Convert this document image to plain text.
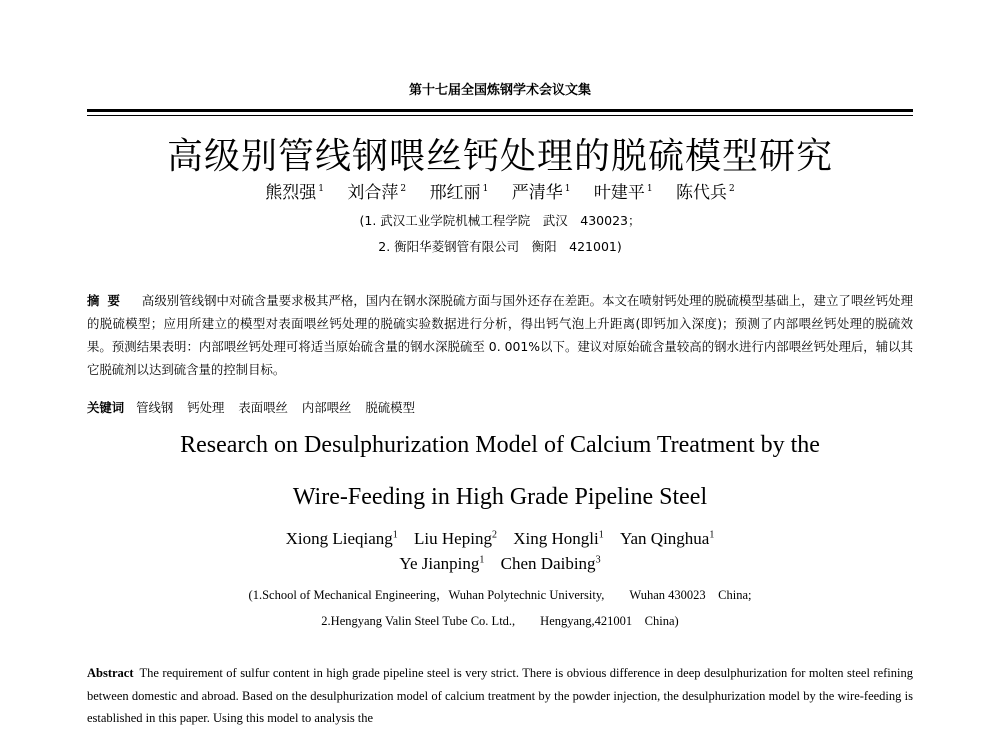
第十七届全国炼钢学术会议文集
高级别管线钢喂丝钙处理的脱硫模型研究
熊烈强 $^1$ 刘合萍 $^2$ 邢红丽 $^1$ 严清华 $^1$ 叶建平 $^1$ 陈代兵 $^2$
(1. 武汉工业学院机械工程学院　武汉　430023；
2. 衡阳华菱钢管有限公司　衡阳　421001)
摘要 高级别管线钢中对硫含量要求极其严格，国内在钢水深脱硫方面与国外还存在差距。本文在喷射钙处理的脱硫模型基础上，建立了喂丝钙处理的脱硫模型；应用所建立的模型对表面喂丝钙处理的脱硫实验数据进行分析，得出钙气泡上升距离(即钙加入深度)；预测了内部喂丝钙处理的脱硫效果。预测结果表明：内部喂丝钙处理可将适当原始硫含量的钢水深脱硫至 0. 001%以下。建议对原始硫含量较高的钢水进行内部喂丝钙处理后，辅以其它脱硫剂以达到硫含量的控制目标。
关键词 管线钢 钙处理 表面喂丝 内部喂丝 脱硫模型
Research on Desulphurization Model of Calcium Treatment by the
Wire-Feeding in High Grade Pipeline Steel
Xiong Lieqiang$^1$ Liu Heping$^2$ Xing Hongli$^1$ Yan Qinghua$^1$
Ye Jianping$^1$ Chen Daibing$^3$
(1.School of Mechanical Engineering，Wuhan Polytechnic University,　　Wuhan 430023　China;
2.Hengyang Valin Steel Tube Co. Ltd.,　　Hengyang,421001　China)
Abstract The requirement of sulfur content in high grade pipeline steel is very strict. There is obvious difference in deep desulphurization for molten steel refining between domestic and abroad. Based on the desulphurization model of calcium treatment by the powder injection, the desulphurization model by the wire-feeding is established in this paper. Using this model to analysis the
